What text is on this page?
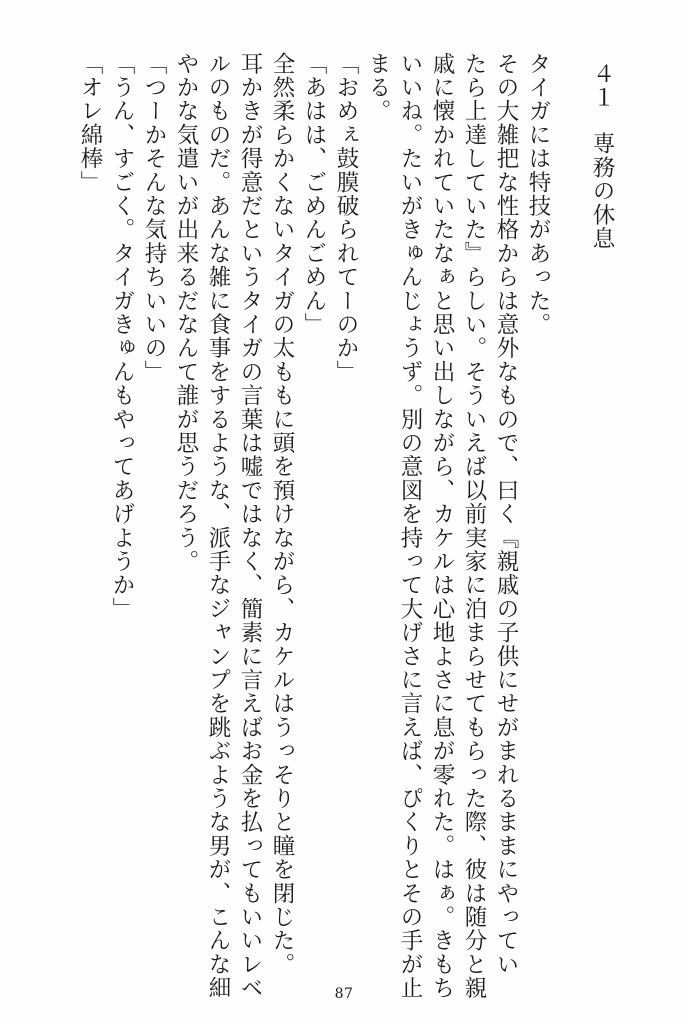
４１専務の休息
タイガには特技があった。
その大雑把な性格からは意外なもので、曰く『親戚の子供にせがまれるままにやってい
たら上達していた』らしい。そういえば以前実家に泊まらせてもらった際、彼は随分と親
戚に懐かれていたなぁと思い出しながら、カケルは心地よさに息が零れた。はぁ。きもち
いいね。たいがきゅんじょうず。別の意図を持って大げさに言えば、ぴくりとその手が止
まる。
「おめぇ鼓膜破られてーのか」
「あはは、ごめんごめん」
全然柔らかくないタイガの太ももに頭を預けながら、カケルはうっそりと瞳を閉じた。
耳かきが得意だというタイガの言葉は嘘ではなく、簡素に言えばお金を払ってもいいレベ
ルのものだ。あんな雑に食事をするような、派手なジャンプを跳ぶような男が、こんな細
やかな気遣いが出来るだなんて誰が思うだろう。
「つーかそんな気持ちいいの」
「うん、すごく。タイガきゅんもやってあげようか」
「オレ綿棒」
87
